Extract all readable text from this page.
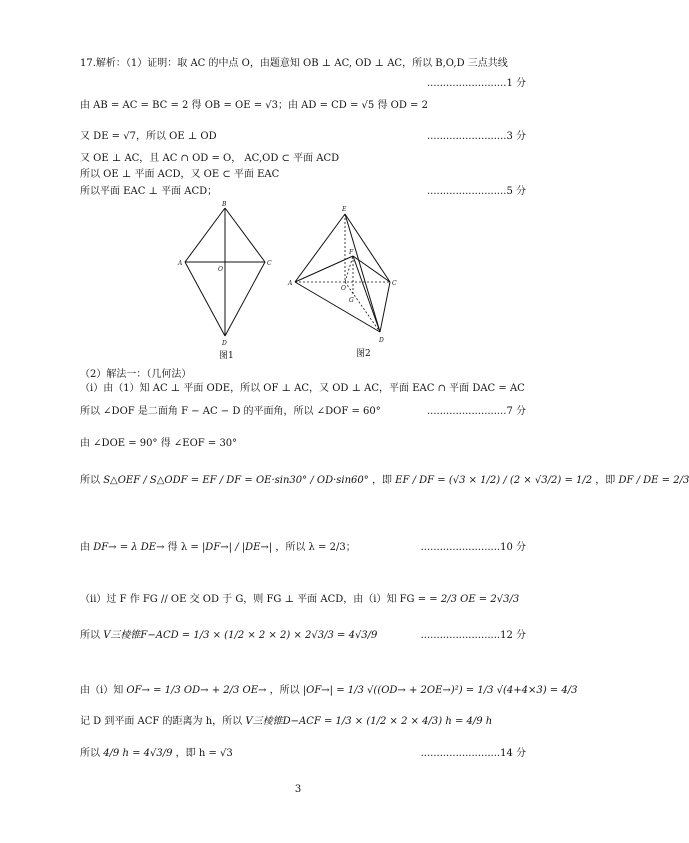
17.解析：（1）证明：取 AC 的中点 O，由题意知 OB ⊥ AC, OD ⊥ AC，所以 B,O,D 三点共线
.........................1 分
由 AB = AC = BC = 2 得 OB = OE = √3；由 AD = CD = √5 得 OD = 2
又 DE = √7，所以 OE ⊥ OD	.........................3 分
又 OE ⊥ AC，且 AC ∩ OD = O， AC,OD ⊂ 平面 ACD
所以 OE ⊥ 平面 ACD，又 OE ⊂ 平面 EAC
所以平面 EAC ⊥ 平面 ACD；	.........................5 分
B
A
O
C
D
图1
E
F
A
O
G
C
D
图2
（2）解法一：（几何法）
（i）由（1）知 AC ⊥ 平面 ODE，所以 OF ⊥ AC，又 OD ⊥ AC，平面 EAC ∩ 平面 DAC = AC
所以 ∠DOF 是二面角 F − AC − D 的平面角，所以 ∠DOF = 60°	.........................7 分
由 ∠DOE = 90° 得 ∠EOF = 30°
所以 S△OEF / S△ODF = EF / DF = OE·sin30° / OD·sin60° ，即 EF / DF = (√3 × 1/2) / (2 × √3/2) = 1/2 ，即 DF / DE = 2/3
由 DF→ = λ DE→ 得 λ = |DF→| / |DE→| ，所以 λ = 2/3；	.........................10 分
（ii）过 F 作 FG // OE 交 OD 于 G，则 FG ⊥ 平面 ACD，由（i）知 FG = = 2/3 OE = 2√3/3
所以 V三棱锥F−ACD = 1/3 × (1/2 × 2 × 2) × 2√3/3 = 4√3/9	.........................12 分
由（i）知 OF→ = 1/3 OD→ + 2/3 OE→ ，所以 |OF→| = 1/3 √((OD→ + 2OE→)²) = 1/3 √(4+4×3) = 4/3
记 D 到平面 ACF 的距离为 h，所以 V三棱锥D−ACF = 1/3 × (1/2 × 2 × 4/3) h = 4/9 h
所以 4/9 h = 4√3/9 ，即 h = √3	.........................14 分
3
